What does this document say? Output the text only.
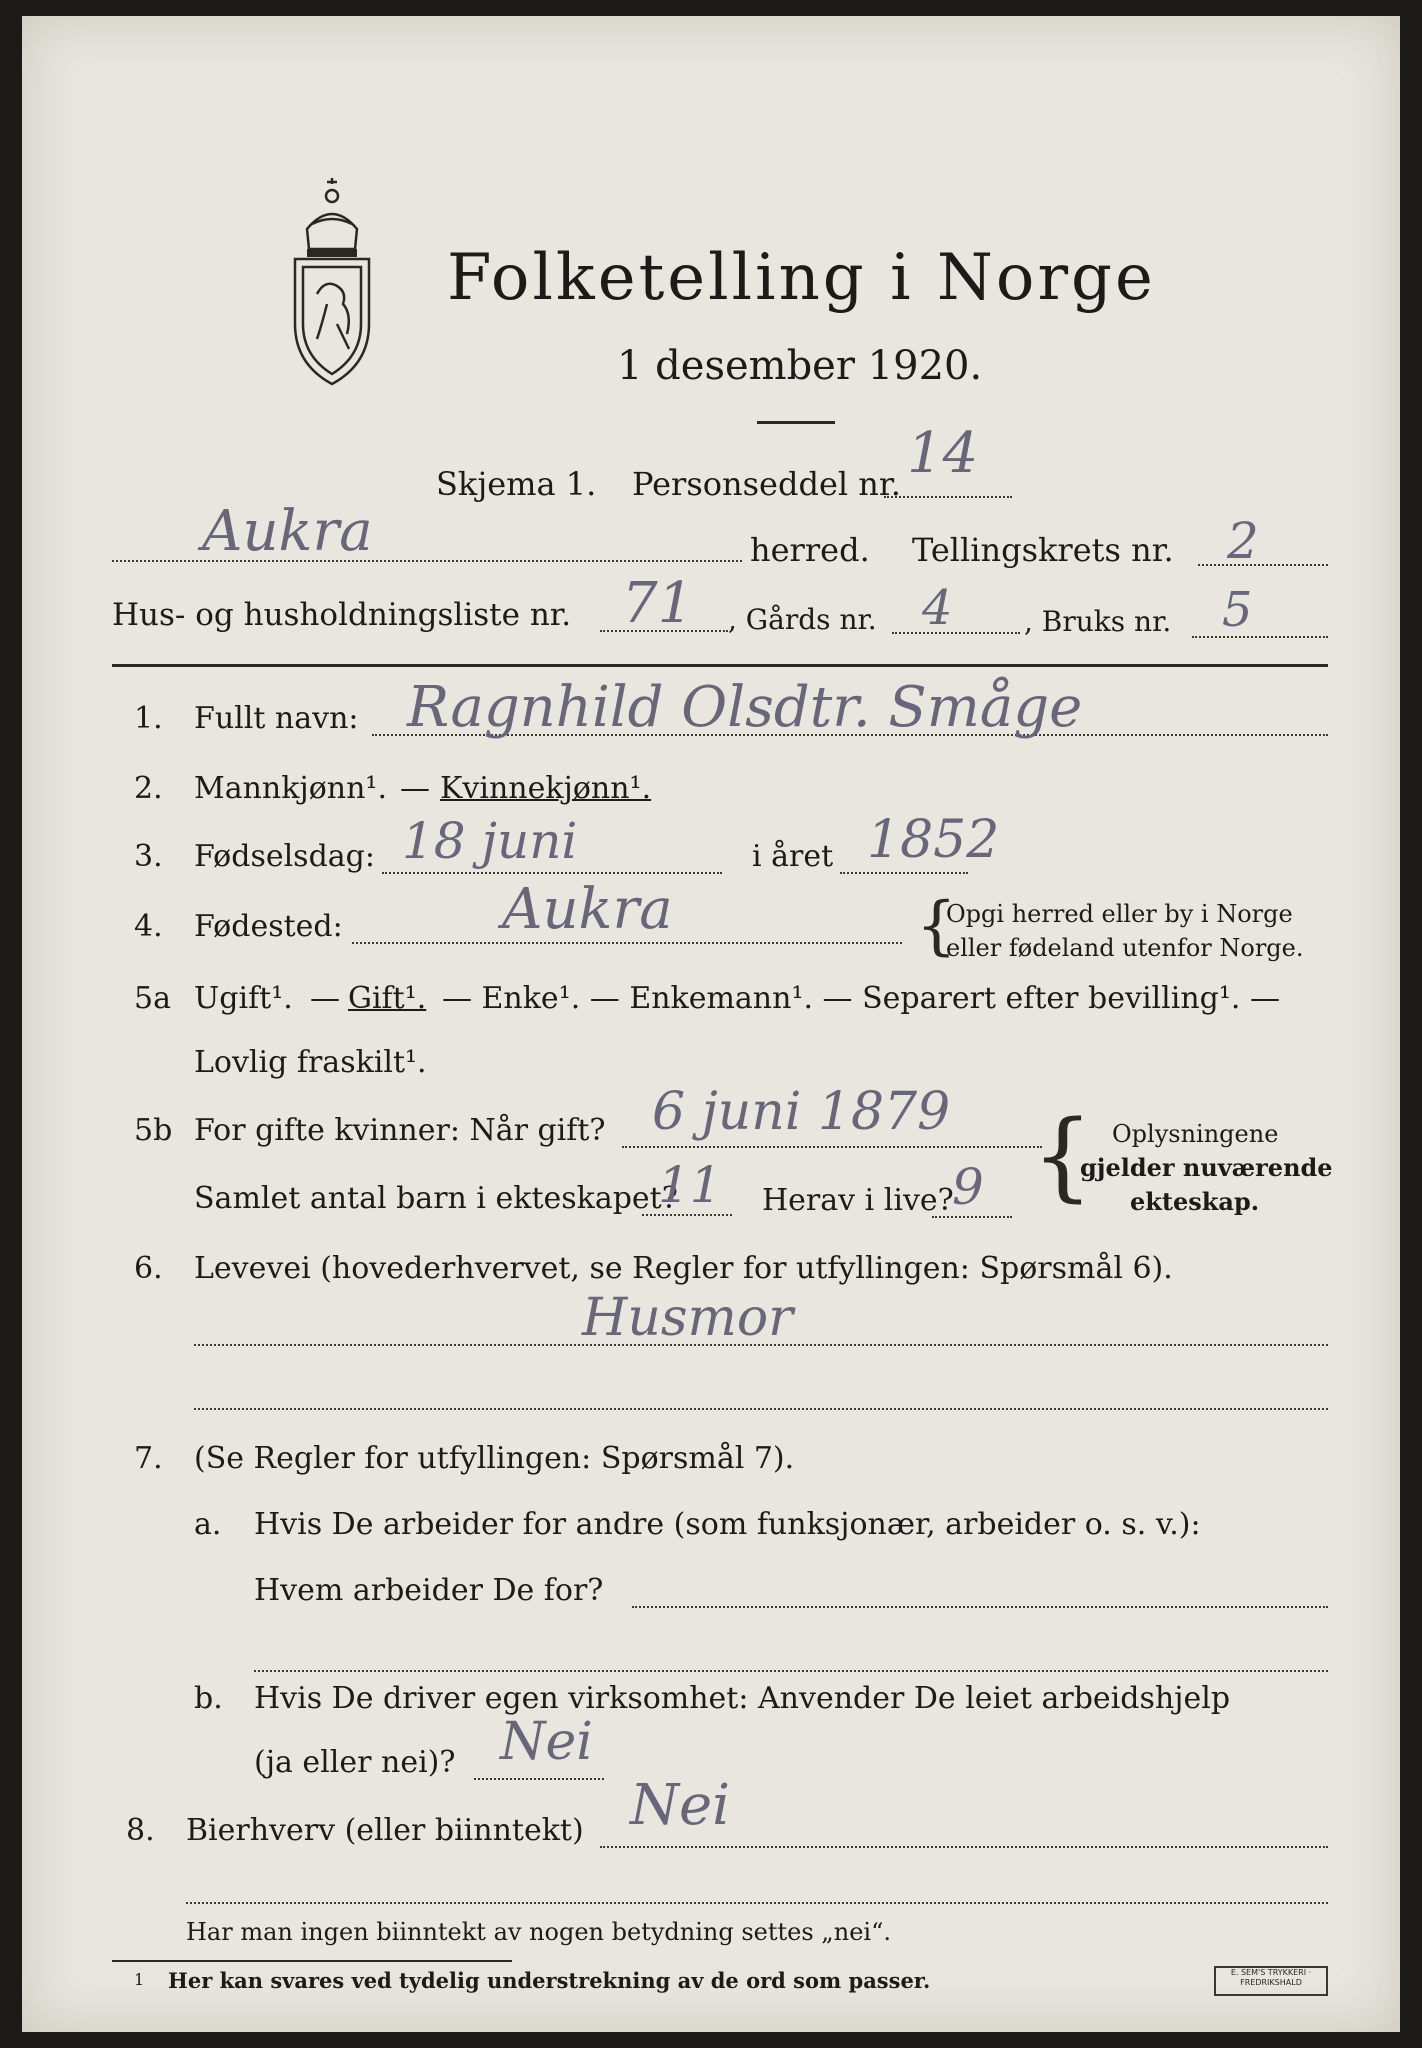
Folketelling i Norge
1 desember 1920.
Skjema 1. Personseddel nr. 14
Aukra	herred. Tellingskrets nr. 2
Hus- og husholdningsliste nr. 71 , Gårds nr. 4	, Bruks nr. 5
1. Fullt navn: Ragnhild Olsdtr. Småge
2. Mannkjønn¹. — Kvinnekjønn¹.
3. Fødselsdag: 18 juni	i året 1852
4. Fødested:	Aukra	{
Opgi herred eller by i Norge
eller fødeland utenfor Norge.
5a Ugift¹. — Gift¹. — Enke¹. — Enkemann¹. — Separert efter bevilling¹. —
Lovlig fraskilt¹.
5b For gifte kvinner: Når gift? 6 juni 1879
Samlet antal barn i ekteskapet?
11 Herav i live?
9 { Oplysningene
gjelder nuværende
ekteskap.
6. Levevei (hovederhvervet, se Regler for utfyllingen: Spørsmål 6).
Husmor
7. (Se Regler for utfyllingen: Spørsmål 7).
a. Hvis De arbeider for andre (som funksjonær, arbeider o. s. v.):
Hvem arbeider De for?
b. Hvis De driver egen virksomhet: Anvender De leiet arbeidshjelp
(ja eller nei)? Nei
8. Bierhverv (eller biinntekt) Nei
Har man ingen biinntekt av nogen betydning settes „nei“.
1 Her kan svares ved tydelig understrekning av de ord som passer.	E. SEM'S TRYKKERI · FREDRIKSHALD
